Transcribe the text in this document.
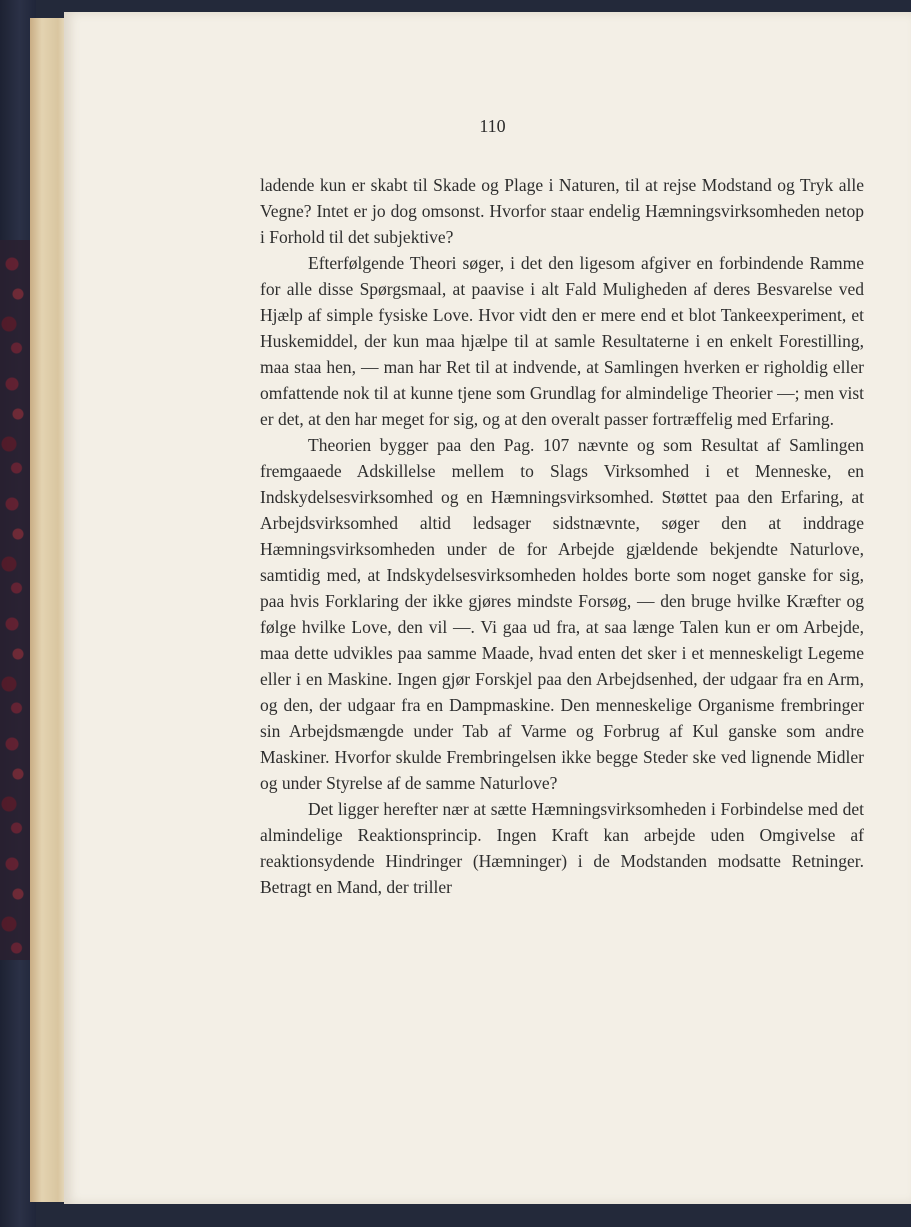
110

ladende kun er skabt til Skade og Plage i Naturen, til at rejse Modstand og Tryk alle Vegne? Intet er jo dog omsonst. Hvorfor staar endelig Hæmningsvirksomheden netop i Forhold til det subjektive?

Efterfølgende Theori søger, i det den ligesom afgiver en forbindende Ramme for alle disse Spørgsmaal, at paavise i alt Fald Muligheden af deres Besvarelse ved Hjælp af simple fysiske Love. Hvor vidt den er mere end et blot Tankeexperiment, et Huskemiddel, der kun maa hjælpe til at samle Resultaterne i en enkelt Forestilling, maa staa hen, — man har Ret til at indvende, at Samlingen hverken er righoldig eller omfattende nok til at kunne tjene som Grundlag for almindelige Theorier —; men vist er det, at den har meget for sig, og at den overalt passer fortræffelig med Erfaring.

Theorien bygger paa den Pag. 107 nævnte og som Resultat af Samlingen fremgaaede Adskillelse mellem to Slags Virksomhed i et Menneske, en Indskydelsesvirksomhed og en Hæmningsvirksomhed. Støttet paa den Erfaring, at Arbejdsvirksomhed altid ledsager sidstnævnte, søger den at inddrage Hæmningsvirksomheden under de for Arbejde gjældende bekjendte Naturlove, samtidig med, at Indskydelsesvirksomheden holdes borte som noget ganske for sig, paa hvis Forklaring der ikke gjøres mindste Forsøg, — den bruge hvilke Kræfter og følge hvilke Love, den vil —. Vi gaa ud fra, at saa længe Talen kun er om Arbejde, maa dette udvikles paa samme Maade, hvad enten det sker i et menneskeligt Legeme eller i en Maskine. Ingen gjør Forskjel paa den Arbejdsenhed, der udgaar fra en Arm, og den, der udgaar fra en Dampmaskine. Den menneskelige Organisme frembringer sin Arbejdsmængde under Tab af Varme og Forbrug af Kul ganske som andre Maskiner. Hvorfor skulde Frembringelsen ikke begge Steder ske ved lignende Midler og under Styrelse af de samme Naturlove?

Det ligger herefter nær at sætte Hæmningsvirksomheden i Forbindelse med det almindelige Reaktionsprincip. Ingen Kraft kan arbejde uden Omgivelse af reaktionsydende Hindringer (Hæmninger) i de Modstanden modsatte Retninger. Betragt en Mand, der triller
